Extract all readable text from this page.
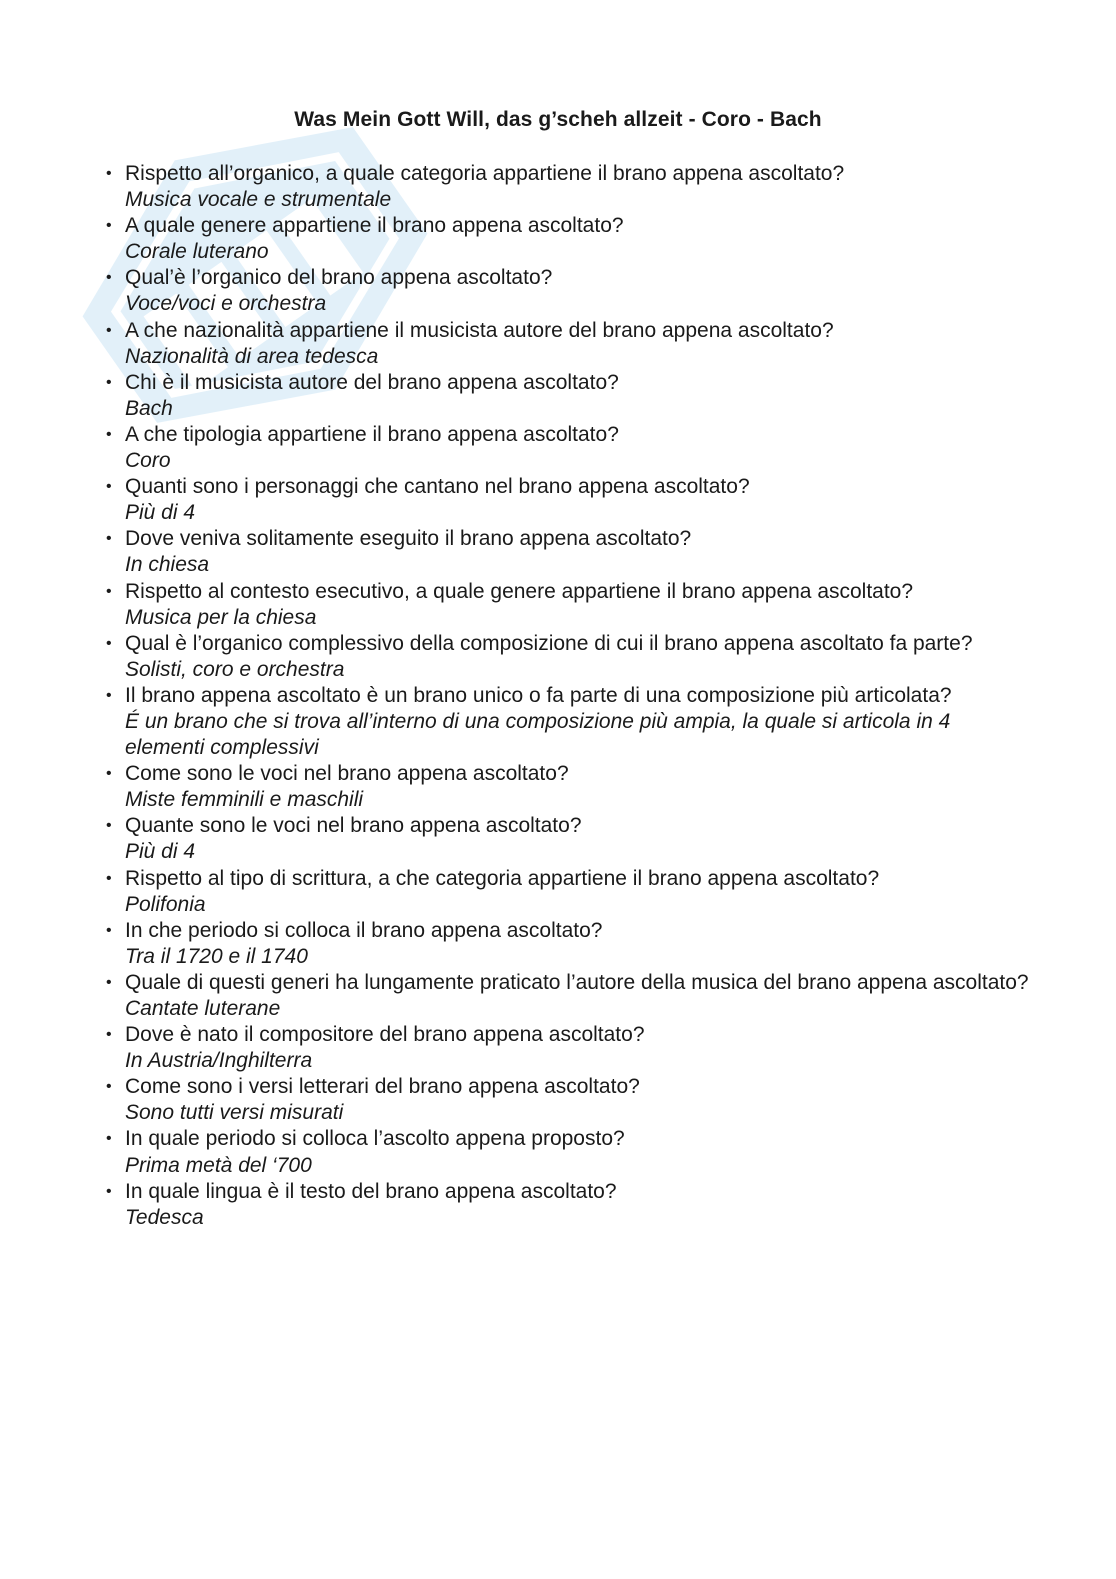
Was Mein Gott Will, das g’scheh allzeit - Coro - Bach
• Rispetto all’organico, a quale categoria appartiene il brano appena ascoltato?
Musica vocale e strumentale
• A quale genere appartiene il brano appena ascoltato?
Corale luterano
• Qual’è l’organico del brano appena ascoltato?
Voce/voci e orchestra
• A che nazionalità appartiene il musicista autore del brano appena ascoltato?
Nazionalità di area tedesca
• Chi è il musicista autore del brano appena ascoltato?
Bach
• A che tipologia appartiene il brano appena ascoltato?
Coro
• Quanti sono i personaggi che cantano nel brano appena ascoltato?
Più di 4
• Dove veniva solitamente eseguito il brano appena ascoltato?
In chiesa
• Rispetto al contesto esecutivo, a quale genere appartiene il brano appena ascoltato?
Musica per la chiesa
• Qual è l’organico complessivo della composizione di cui il brano appena ascoltato fa parte?
Solisti, coro e orchestra
• Il brano appena ascoltato è un brano unico o fa parte di una composizione più articolata?
É un brano che si trova all’interno di una composizione più ampia, la quale si articola in 4 elementi complessivi
• Come sono le voci nel brano appena ascoltato?
Miste femminili e maschili
• Quante sono le voci nel brano appena ascoltato?
Più di 4
• Rispetto al tipo di scrittura, a che categoria appartiene il brano appena ascoltato?
Polifonia
• In che periodo si colloca il brano appena ascoltato?
Tra il 1720 e il 1740
• Quale di questi generi ha lungamente praticato l’autore della musica del brano appena ascoltato?
Cantate luterane
• Dove è nato il compositore del brano appena ascoltato?
In Austria/Inghilterra
• Come sono i versi letterari del brano appena ascoltato?
Sono tutti versi misurati
• In quale periodo si colloca l’ascolto appena proposto?
Prima metà del ‘700
• In quale lingua è il testo del brano appena ascoltato?
Tedesca
